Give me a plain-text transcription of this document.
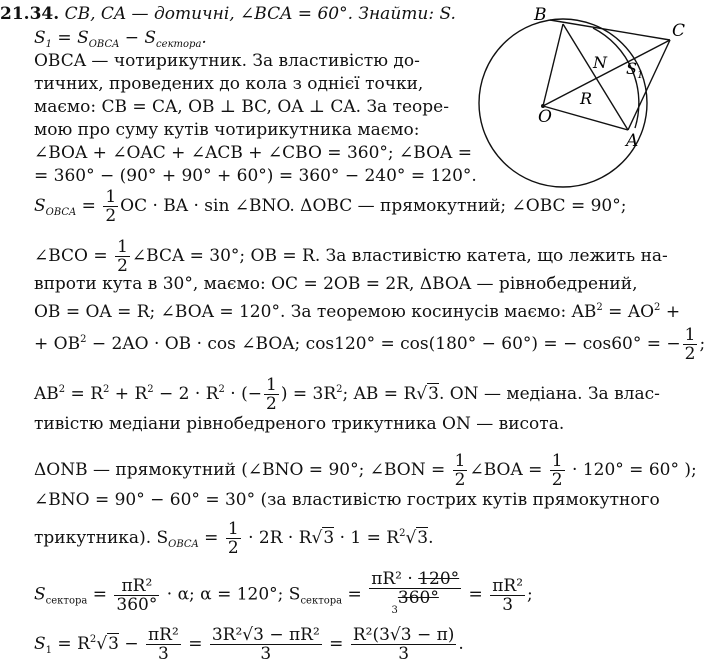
B
C
N $S_1$
R
O
A
21.34. CB, CA — дотичні, ∠BCA = 60°. Знайти: S.
$S_1 = S_{OBCA} - S_{сектора}$.
OBCA — чотирикутник. За властивістю до-
тичних, проведених до кола з однієї точки,
маємо: CB = CA, OB ⊥ BC, OA ⊥ CA. За теоре-
мою про суму кутів чотирикутника маємо:
∠BOA + ∠OAC + ∠ACB + ∠CBO = 360°; ∠BOA =
= 360° − (90° + 90° + 60°) = 360° − 240° = 120°.
$S_{OBCA} = \frac{1}{2}$ OC · BA · sin ∠BNO. ΔOBC — прямокутний; ∠OBC = 90°;
∠BCO = $\frac{1}{2}$ ∠BCA = 30°; OB = R. За властивістю катета, що лежить на-
впроти кута в 30°, маємо: OC = 2OB = 2R, ΔBOA — рівнобедрений,
OB = OA = R; ∠BOA = 120°. За теоремою косинусів маємо: $AB^2 = AO^2$ +
+ $OB^2 - 2AO$ · OB · cos ∠BOA; cos120° = cos(180° − 60°) = − cos60° = − $\frac{1}{2}$ ;
$AB^2 = R^2 + R^2 - 2 \cdot R^2$ · (− $\frac{1}{2}$ ) = $3R^2$; AB = R√3. ON — медіана. За влас-
тивістю медіани рівнобедреного трикутника ON — висота.
ΔONB — прямокутний (∠BNO = 90°; ∠BON = $\frac{1}{2}$ ∠BOA = $\frac{1}{2} \cdot 120^\circ = 60^\circ$ );
∠BNO = 90° − 60° = 30° (за властивістю гострих кутів прямокутного
трикутника). $S_{OBCA} = \frac{1}{2} \cdot 2R \cdot R√3 \cdot 1 = R^2√3$.
$S_{сектора} = \frac{\text{πR²}}{360^\circ} \cdot \alpha$; α = 120°; $S_{сектора} = \frac{\text{πR² · 120°}}{_3360^\circ} = \frac{\text{πR²}}{3}$ ;
$S_1 = R^2√3 - \frac{\text{πR²}}{3} = \frac{\text{3R²√3 − πR²}}{3} = \frac{\text{R²(3√3 − π)}}{3}$ .
